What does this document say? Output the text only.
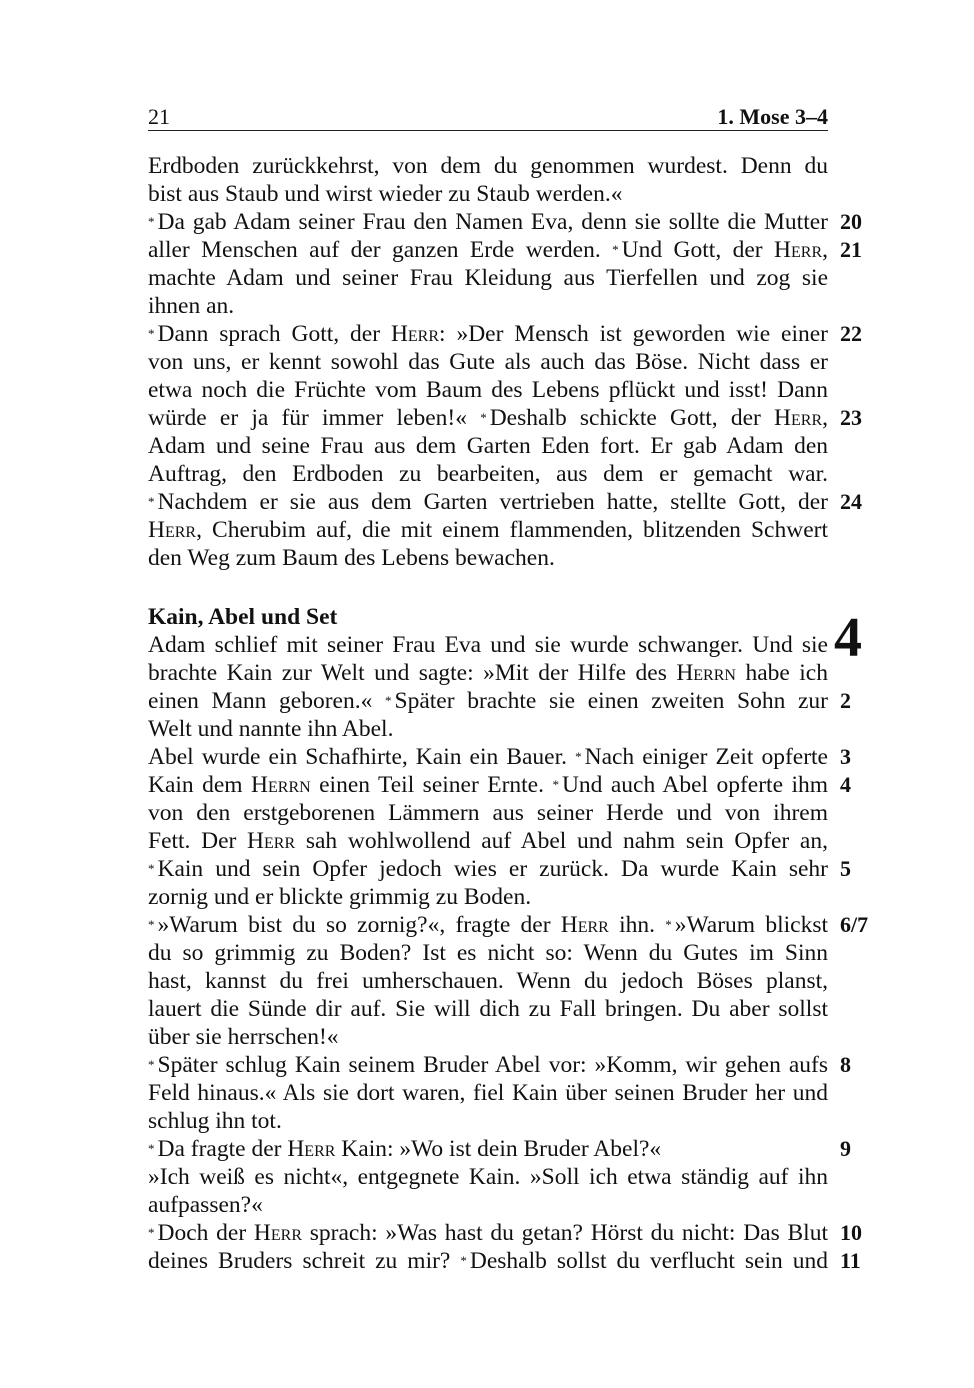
21	1. Mose 3–4
Kain, Abel und Set	4
Erdboden zurückkehrst, von dem du genommen wurdest. Denn du
bist aus Staub und wirst wieder zu Staub werden.«
* Da gab Adam seiner Frau den Namen Eva, denn sie sollte die Mutter
aller Menschen auf der ganzen Erde werden. * Und Gott, der Herr,
machte Adam und seiner Frau Kleidung aus Tierfellen und zog sie
ihnen an.
* Dann sprach Gott, der Herr: »Der Mensch ist geworden wie einer
von uns, er kennt sowohl das Gute als auch das Böse. Nicht dass er
etwa noch die Früchte vom Baum des Lebens pflückt und isst! Dann
würde er ja für immer leben!« * Deshalb schickte Gott, der Herr,
Adam und seine Frau aus dem Garten Eden fort. Er gab Adam den
Auftrag, den Erdboden zu bearbeiten, aus dem er gemacht war.
* Nachdem er sie aus dem Garten vertrieben hatte, stellte Gott, der
Herr, Cherubim auf, die mit einem flammenden, blitzenden Schwert
den Weg zum Baum des Lebens bewachen.
Adam schlief mit seiner Frau Eva und sie wurde schwanger. Und sie
brachte Kain zur Welt und sagte: »Mit der Hilfe des Herrn habe ich
einen Mann geboren.« * Später brachte sie einen zweiten Sohn zur
Welt und nannte ihn Abel.
Abel wurde ein Schafhirte, Kain ein Bauer. * Nach einiger Zeit opferte
Kain dem Herrn einen Teil seiner Ernte. * Und auch Abel opferte ihm
von den erstgeborenen Lämmern aus seiner Herde und von ihrem
Fett. Der Herr sah wohlwollend auf Abel und nahm sein Opfer an,
* Kain und sein Opfer jedoch wies er zurück. Da wurde Kain sehr
zornig und er blickte grimmig zu Boden.
* »Warum bist du so zornig?«, fragte der Herr ihn. * »Warum blickst
du so grimmig zu Boden? Ist es nicht so: Wenn du Gutes im Sinn
hast, kannst du frei umherschauen. Wenn du jedoch Böses planst,
lauert die Sünde dir auf. Sie will dich zu Fall bringen. Du aber sollst
über sie herrschen!«
* Später schlug Kain seinem Bruder Abel vor: »Komm, wir gehen aufs
Feld hinaus.« Als sie dort waren, fiel Kain über seinen Bruder her und
schlug ihn tot.
* Da fragte der Herr Kain: »Wo ist dein Bruder Abel?«
»Ich weiß es nicht«, entgegnete Kain. »Soll ich etwa ständig auf ihn
aufpassen?«
* Doch der Herr sprach: »Was hast du getan? Hörst du nicht: Das Blut
deines Bruders schreit zu mir? * Deshalb sollst du verflucht sein und
20
21
22
23
24
2
3
4
5
6/7
8
9
10
11
